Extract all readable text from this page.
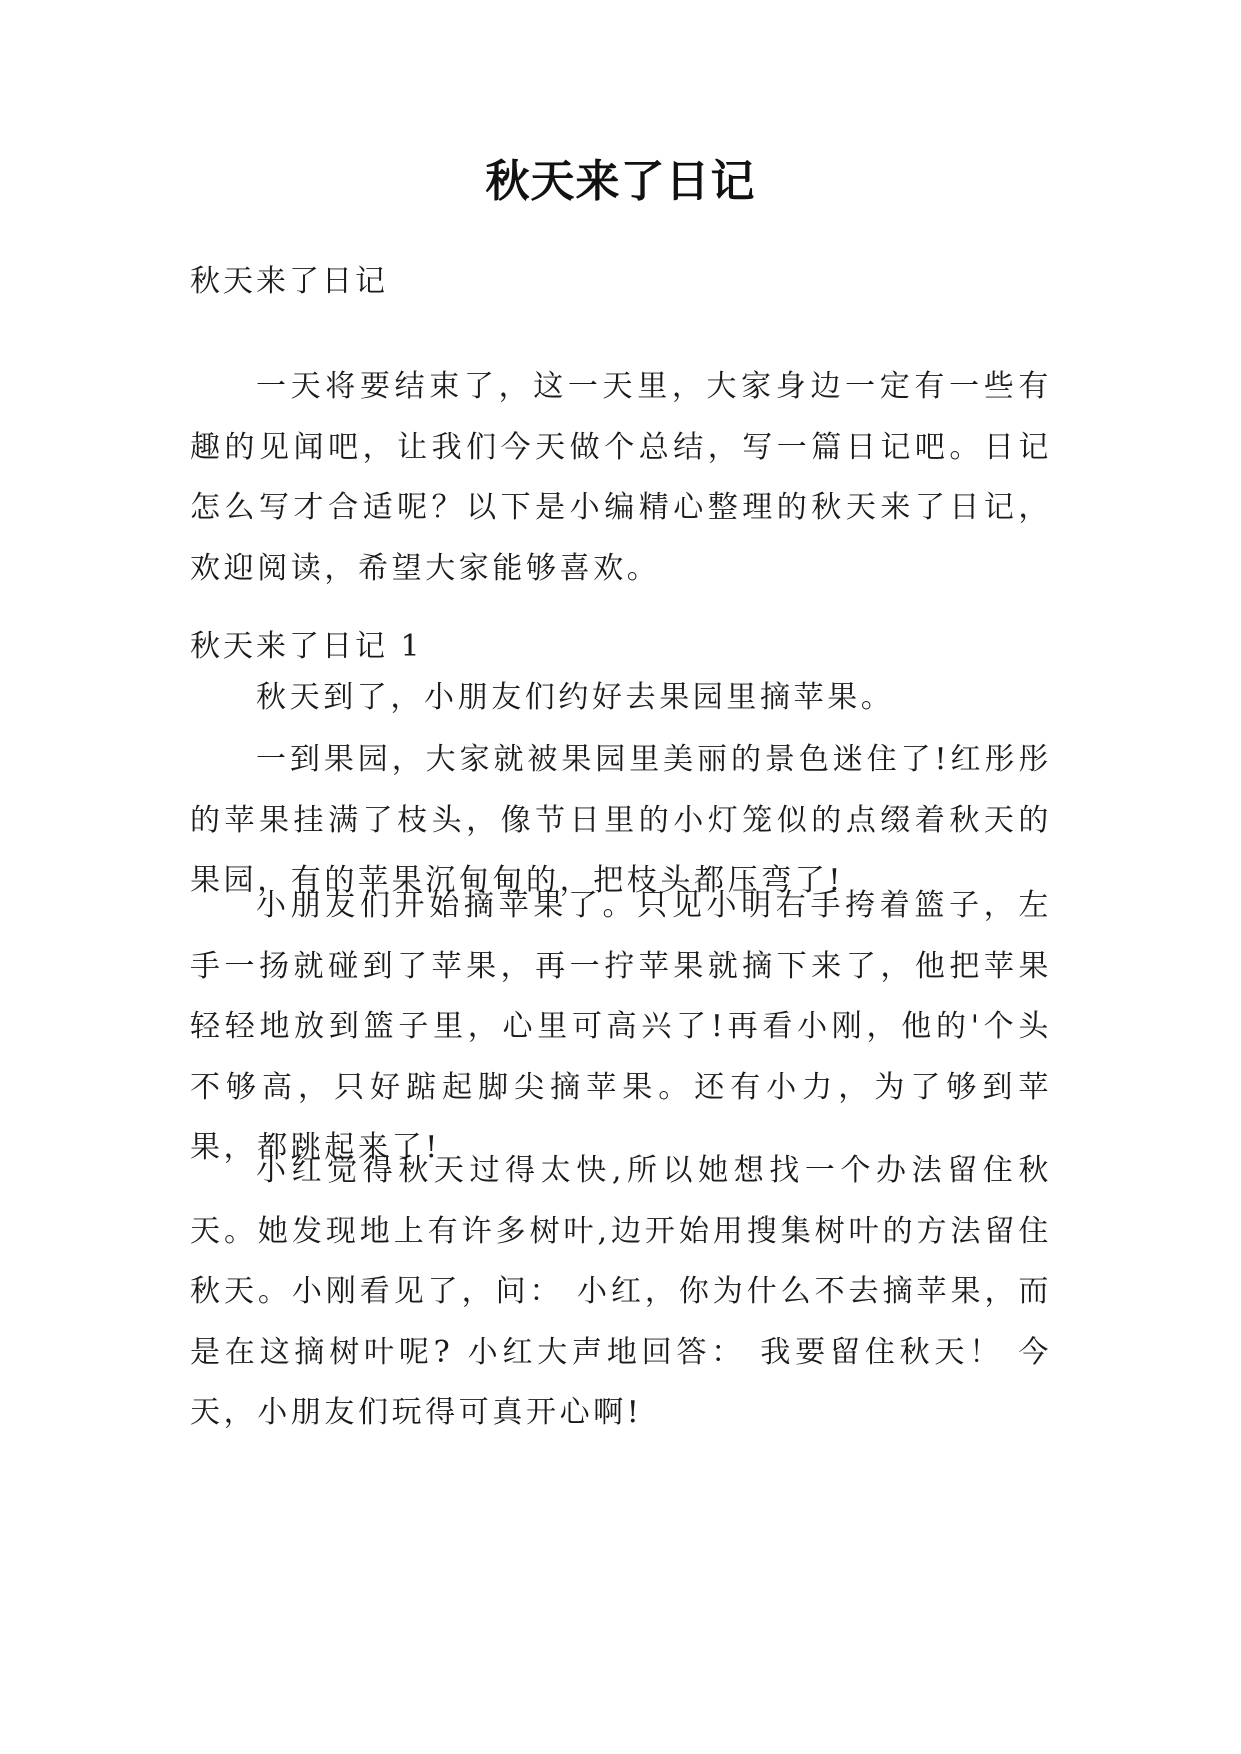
秋天来了日记
秋天来了日记

一天将要结束了，这一天里，大家身边一定有一些有趣的见闻吧，让我们今天做个总结，写一篇日记吧。日记怎么写才合适呢？以下是小编精心整理的秋天来了日记，欢迎阅读，希望大家能够喜欢。

秋天来了日记 1

秋天到了，小朋友们约好去果园里摘苹果。

一到果园，大家就被果园里美丽的景色迷住了!红彤彤的苹果挂满了枝头，像节日里的小灯笼似的点缀着秋天的果园，有的苹果沉甸甸的，把枝头都压弯了!

小朋友们开始摘苹果了。只见小明右手挎着篮子，左手一扬就碰到了苹果，再一拧苹果就摘下来了，他把苹果轻轻地放到篮子里，心里可高兴了!再看小刚，他的'个头不够高，只好踮起脚尖摘苹果。还有小力，为了够到苹果，都跳起来了!

小红觉得秋天过得太快,所以她想找一个办法留住秋天。她发现地上有许多树叶,边开始用搜集树叶的方法留住秋天。小刚看见了，问： 小红，你为什么不去摘苹果，而是在这摘树叶呢? 小红大声地回答： 我要留住秋天！ 今天，小朋友们玩得可真开心啊!
